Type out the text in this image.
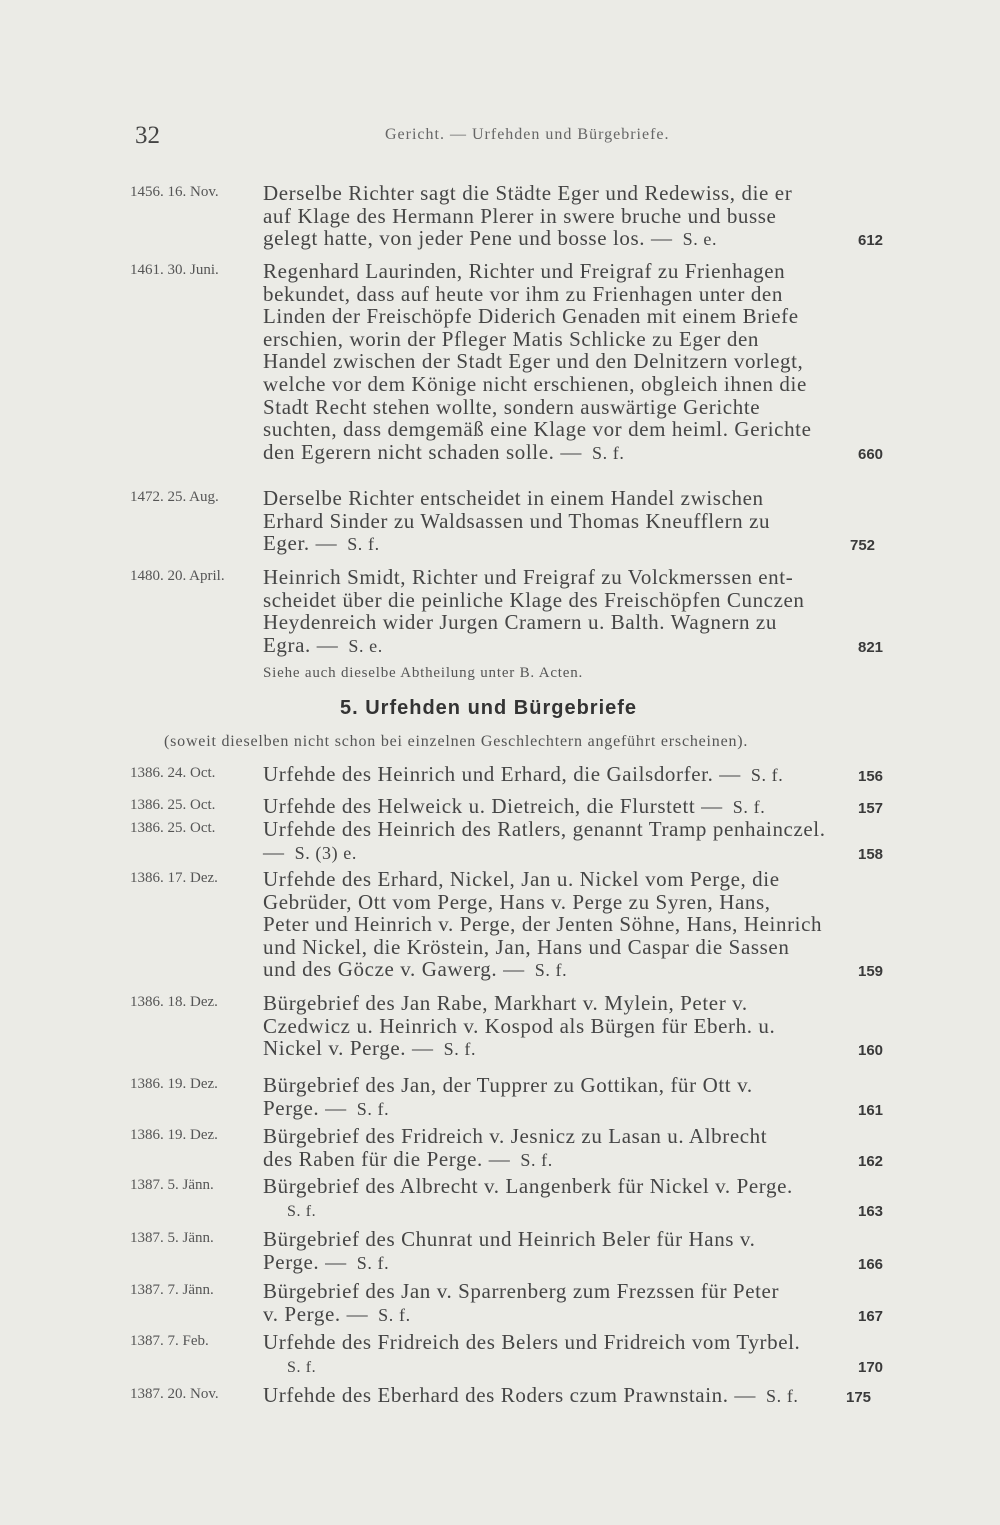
32	Gericht. — Urfehden und Bürgebriefe.
1456. 16. Nov. Derselbe Richter sagt die Städte Eger und Redewiss, die er
auf Klage des Hermann Plerer in swere bruche und busse
gelegt hatte, von jeder Pene und bosse los. — S. e.	612
1461. 30. Juni. Regenhard Laurinden, Richter und Freigraf zu Frienhagen
bekundet, dass auf heute vor ihm zu Frienhagen unter den
Linden der Freischöpfe Diderich Genaden mit einem Briefe
erschien, worin der Pfleger Matis Schlicke zu Eger den
Handel zwischen der Stadt Eger und den Delnitzern vorlegt,
welche vor dem Könige nicht erschienen, obgleich ihnen die
Stadt Recht stehen wollte, sondern auswärtige Gerichte
suchten, dass demgemäß eine Klage vor dem heiml. Gerichte
den Egerern nicht schaden solle. — S. f.	660
1472. 25. Aug. Derselbe Richter entscheidet in einem Handel zwischen
Erhard Sinder zu Waldsassen und Thomas Kneufflern zu
Eger. — S. f.	752
1480. 20. April. Heinrich Smidt, Richter und Freigraf zu Volckmerssen ent-
scheidet über die peinliche Klage des Freischöpfen Cunczen
Heydenreich wider Jurgen Cramern u. Balth. Wagnern zu
Egra. — S. e.	821
Siehe auch dieselbe Abtheilung unter B. Acten.
5. Urfehden und Bürgebriefe
(soweit dieselben nicht schon bei einzelnen Geschlechtern angeführt erscheinen).
1386. 24. Oct. Urfehde des Heinrich und Erhard, die Gailsdorfer. — S. f.	156
1386. 25. Oct. Urfehde des Helweick u. Dietreich, die Flurstett — S. f.	157
1386. 25. Oct. Urfehde des Heinrich des Ratlers, genannt Tramp penhainczel.
— S. (3) e.	158
1386. 17. Dez. Urfehde des Erhard, Nickel, Jan u. Nickel vom Perge, die
Gebrüder, Ott vom Perge, Hans v. Perge zu Syren, Hans,
Peter und Heinrich v. Perge, der Jenten Söhne, Hans, Heinrich
und Nickel, die Kröstein, Jan, Hans und Caspar die Sassen
und des Göcze v. Gawerg. — S. f.	159
1386. 18. Dez. Bürgebrief des Jan Rabe, Markhart v. Mylein, Peter v.
Czedwicz u. Heinrich v. Kospod als Bürgen für Eberh. u.
Nickel v. Perge. — S. f.	160
1386. 19. Dez. Bürgebrief des Jan, der Tupprer zu Gottikan, für Ott v.
Perge. — S. f.	161
1386. 19. Dez. Bürgebrief des Fridreich v. Jesnicz zu Lasan u. Albrecht
des Raben für die Perge. — S. f.	162
1387. 5. Jänn. Bürgebrief des Albrecht v. Langenberk für Nickel v. Perge.
S. f.	163
1387. 5. Jänn. Bürgebrief des Chunrat und Heinrich Beler für Hans v.
Perge. — S. f.	166
1387. 7. Jänn. Bürgebrief des Jan v. Sparrenberg zum Frezssen für Peter
v. Perge. — S. f.	167
1387. 7. Feb.	Urfehde des Fridreich des Belers und Fridreich vom Tyrbel.
S. f.	170
1387. 20. Nov. Urfehde des Eberhard des Roders czum Prawnstain. — S. f.	175
